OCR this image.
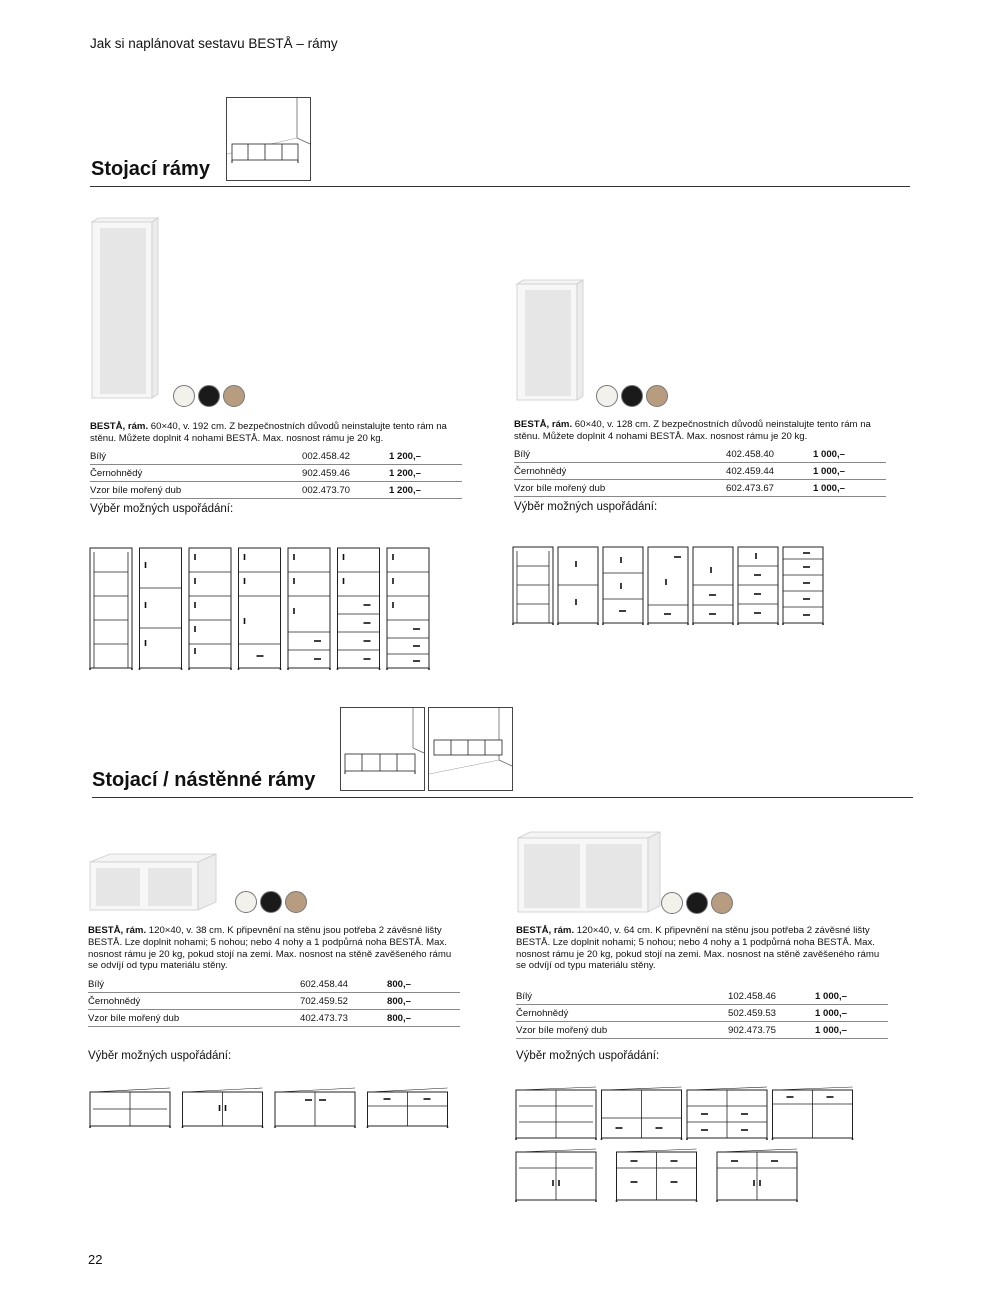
Jak si naplánovat sestavu BESTÅ – rámy
Stojací rámy
BESTÅ, rám. 60×40, v. 192 cm. Z bezpečnostních důvodů neinstalujte tento rám na stěnu. Můžete doplnit 4 nohami BESTÅ. Max. nosnost rámu je 20 kg.
Bílý	002.458.42	1 200,–
Černohnědý	902.459.46	1 200,–
Vzor bíle mořený dub	002.473.70	1 200,–
Výběr možných uspořádání:
BESTÅ, rám. 60×40, v. 128 cm. Z bezpečnostních důvodů neinstalujte tento rám na stěnu. Můžete doplnit 4 nohami BESTÅ. Max. nosnost rámu je 20 kg.
Bílý	402.458.40	1 000,–
Černohnědý	402.459.44	1 000,–
Vzor bíle mořený dub	602.473.67	1 000,–
Výběr možných uspořádání:
Stojací / nástěnné rámy
BESTÅ, rám. 120×40, v. 38 cm. K připevnění na stěnu jsou potřeba 2 závěsné lišty BESTÅ. Lze doplnit nohami; 5 nohou; nebo 4 nohy a 1 podpůrná noha BESTÅ. Max. nosnost rámu je 20 kg, pokud stojí na zemi. Max. nosnost na stěně zavěšeného rámu se odvíjí od typu materiálu stěny.
Bílý	602.458.44	800,–
Černohnědý	702.459.52	800,–
Vzor bíle mořený dub	402.473.73	800,–
Výběr možných uspořádání:
BESTÅ, rám. 120×40, v. 64 cm. K připevnění na stěnu jsou potřeba 2 závěsné lišty BESTÅ. Lze doplnit nohami; 5 nohou; nebo 4 nohy a 1 podpůrná noha BESTÅ. Max. nosnost rámu je 20 kg, pokud stojí na zemi. Max. nosnost na stěně zavěšeného rámu se odvíjí od typu materiálu stěny.
Bílý	102.458.46	1 000,–
Černohnědý	502.459.53	1 000,–
Vzor bíle mořený dub	902.473.75	1 000,–
Výběr možných uspořádání:
22
